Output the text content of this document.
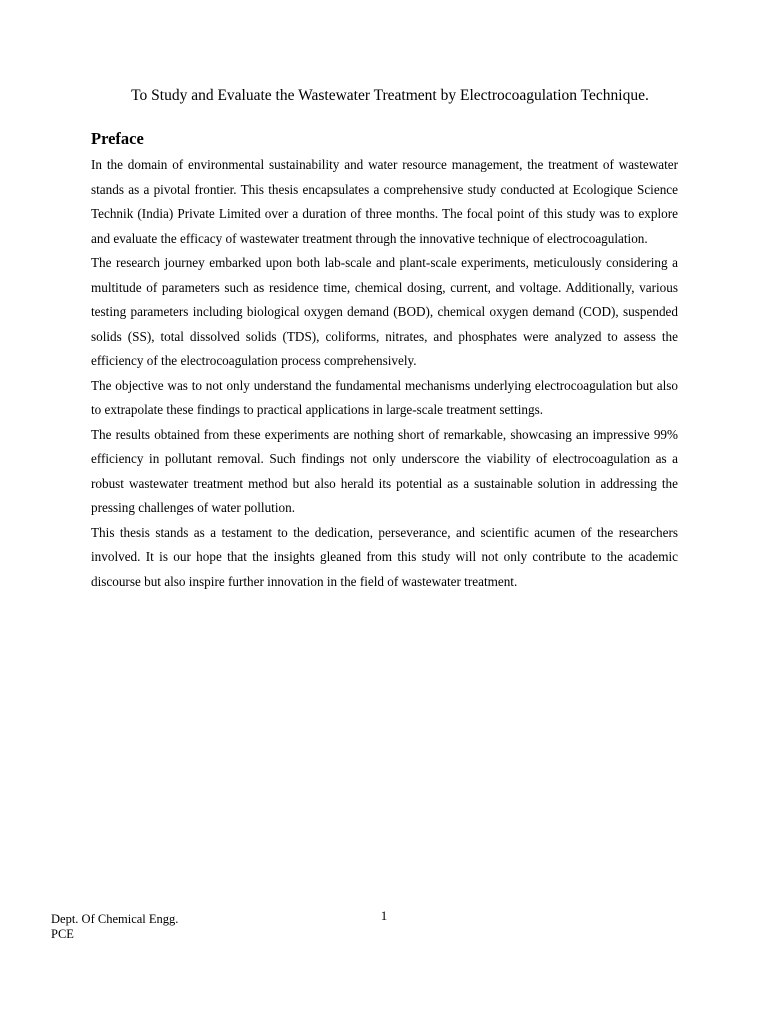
To Study and Evaluate the Wastewater Treatment by Electrocoagulation Technique.
Preface

In the domain of environmental sustainability and water resource management, the treatment of wastewater stands as a pivotal frontier. This thesis encapsulates a comprehensive study conducted at Ecologique Science Technik (India) Private Limited over a duration of three months. The focal point of this study was to explore and evaluate the efficacy of wastewater treatment through the innovative technique of electrocoagulation.

The research journey embarked upon both lab-scale and plant-scale experiments, meticulously considering a multitude of parameters such as residence time, chemical dosing, current, and voltage. Additionally, various testing parameters including biological oxygen demand (BOD), chemical oxygen demand (COD), suspended solids (SS), total dissolved solids (TDS), coliforms, nitrates, and phosphates were analyzed to assess the efficiency of the electrocoagulation process comprehensively.

The objective was to not only understand the fundamental mechanisms underlying electrocoagulation but also to extrapolate these findings to practical applications in large-scale treatment settings.

The results obtained from these experiments are nothing short of remarkable, showcasing an impressive 99% efficiency in pollutant removal. Such findings not only underscore the viability of electrocoagulation as a robust wastewater treatment method but also herald its potential as a sustainable solution in addressing the pressing challenges of water pollution.

This thesis stands as a testament to the dedication, perseverance, and scientific acumen of the researchers involved. It is our hope that the insights gleaned from this study will not only contribute to the academic discourse but also inspire further innovation in the field of wastewater treatment.

Dept. Of Chemical Engg.
PCE
1
